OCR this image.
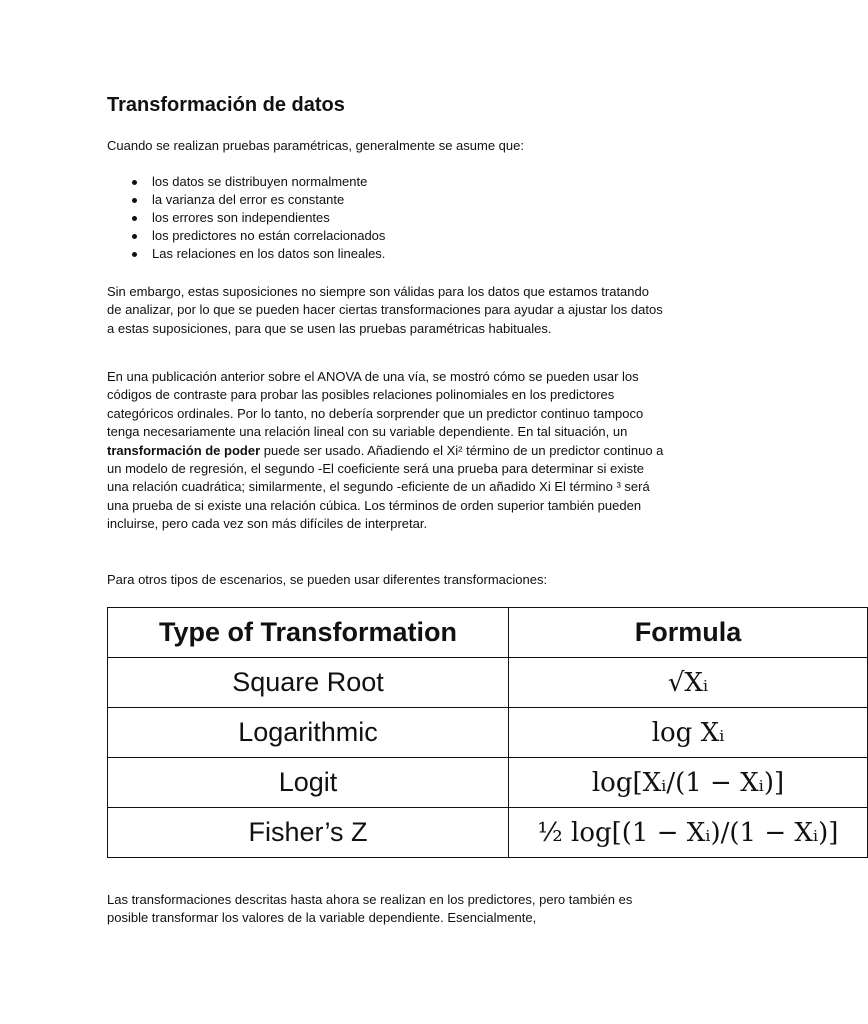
Transformación de datos

Cuando se realizan pruebas paramétricas, generalmente se asume que:

los datos se distribuyen normalmente
la varianza del error es constante
los errores son independientes
los predictores no están correlacionados
Las relaciones en los datos son lineales.

Sin embargo, estas suposiciones no siempre son válidas para los datos que estamos tratando de analizar, por lo que se pueden hacer ciertas transformaciones para ayudar a ajustar los datos a estas suposiciones, para que se usen las pruebas paramétricas habituales.

En una publicación anterior sobre el ANOVA de una vía, se mostró cómo se pueden usar los códigos de contraste para probar las posibles relaciones polinomiales en los predictores categóricos ordinales. Por lo tanto, no debería sorprender que un predictor continuo tampoco tenga necesariamente una relación lineal con su variable dependiente. En tal situación, un transformación de poder puede ser usado. Añadiendo el Xi² término de un predictor continuo a un modelo de regresión, el segundo -El coeficiente será una prueba para determinar si existe una relación cuadrática; similarmente, el segundo -eficiente de un añadido Xi El término ³ será una prueba de si existe una relación cúbica. Los términos de orden superior también pueden incluirse, pero cada vez son más difíciles de interpretar.

Para otros tipos de escenarios, se pueden usar diferentes transformaciones:

Type of Transformation	Formula
Square Root	√Xᵢ
Logarithmic	log Xᵢ
Logit	log[Xᵢ/(1 − Xᵢ)]
Fisher’s Z	½ log[(1 − Xᵢ)/(1 − Xᵢ)]

Las transformaciones descritas hasta ahora se realizan en los predictores, pero también es posible transformar los valores de la variable dependiente. Esencialmente,
